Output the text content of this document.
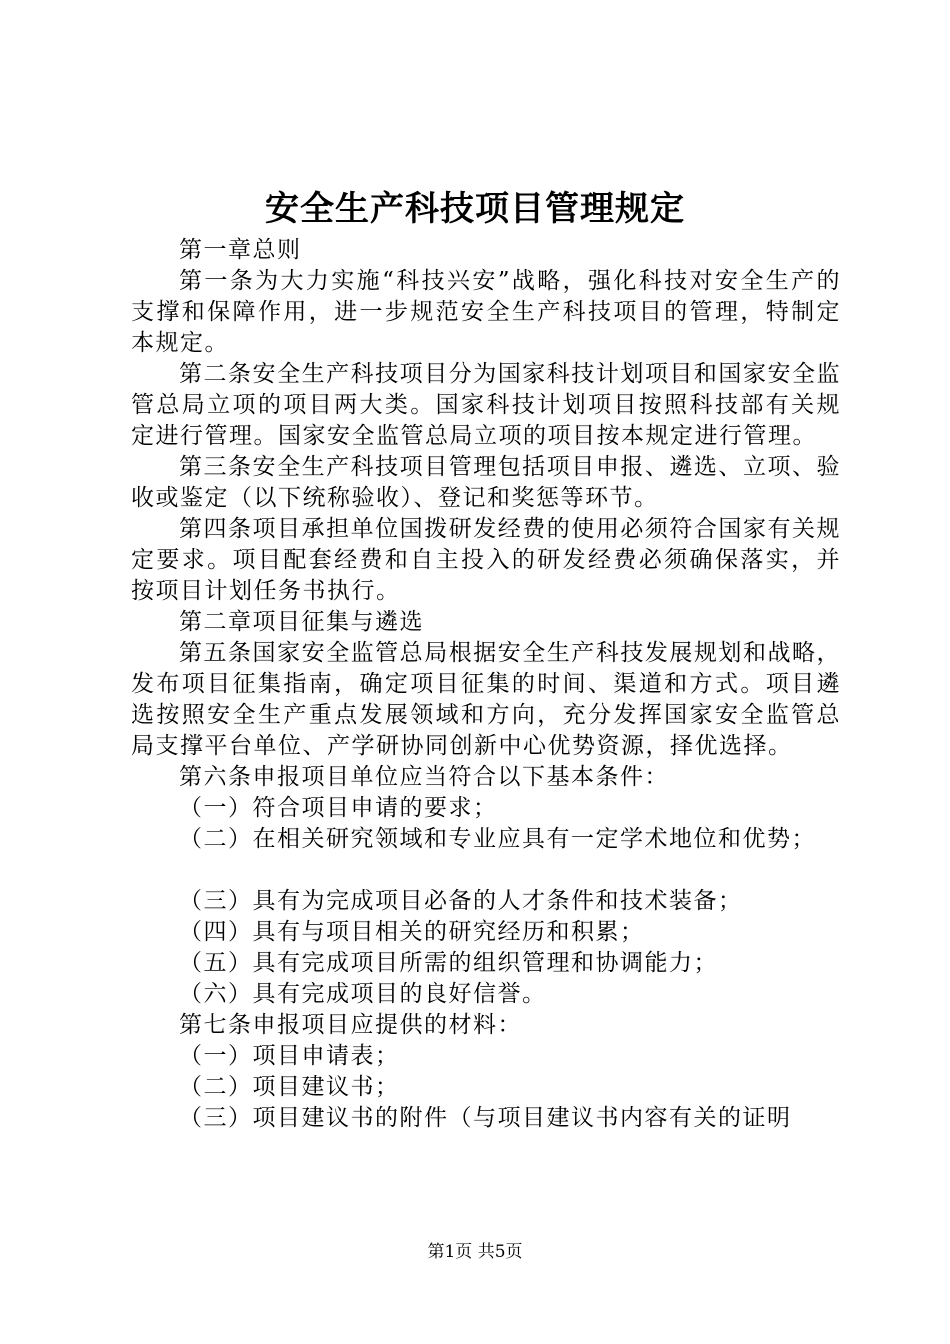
安全生产科技项目管理规定

第一章总则

第一条为大力实施“科技兴安”战略，强化科技对安全生产的支撑和保障作用，进一步规范安全生产科技项目的管理，特制定本规定。

第二条安全生产科技项目分为国家科技计划项目和国家安全监管总局立项的项目两大类。国家科技计划项目按照科技部有关规定进行管理。国家安全监管总局立项的项目按本规定进行管理。

第三条安全生产科技项目管理包括项目申报、遴选、立项、验收或鉴定（以下统称验收）、登记和奖惩等环节。

第四条项目承担单位国拨研发经费的使用必须符合国家有关规定要求。项目配套经费和自主投入的研发经费必须确保落实，并按项目计划任务书执行。

第二章项目征集与遴选

第五条国家安全监管总局根据安全生产科技发展规划和战略，发布项目征集指南，确定项目征集的时间、渠道和方式。项目遴选按照安全生产重点发展领域和方向，充分发挥国家安全监管总局支撑平台单位、产学研协同创新中心优势资源，择优选择。

第六条申报项目单位应当符合以下基本条件：

（一）符合项目申请的要求；

（二）在相关研究领域和专业应具有一定学术地位和优势；

（三）具有为完成项目必备的人才条件和技术装备；

（四）具有与项目相关的研究经历和积累；

（五）具有完成项目所需的组织管理和协调能力；

（六）具有完成项目的良好信誉。

第七条申报项目应提供的材料：

（一）项目申请表；

（二）项目建议书；

（三）项目建议书的附件（与项目建议书内容有关的证明

第1页 共5页
